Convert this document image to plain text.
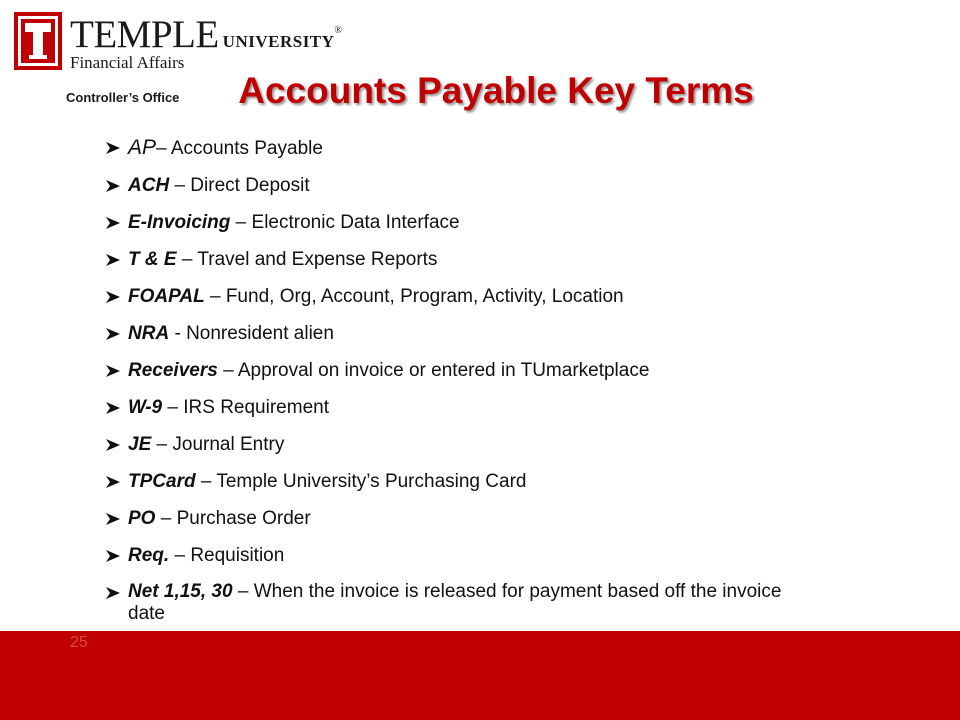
TEMPLE UNIVERSITY®
Financial Affairs
Controller’s Office	Accounts Payable Key Terms
AP– Accounts Payable
ACH – Direct Deposit
E-Invoicing – Electronic Data Interface
T & E – Travel and Expense Reports
FOAPAL – Fund, Org, Account, Program, Activity, Location
NRA - Nonresident alien
Receivers – Approval on invoice or entered in TUmarketplace
W-9 – IRS Requirement
JE – Journal Entry
TPCard – Temple University’s Purchasing Card
PO – Purchase Order
Req. – Requisition
Net 1,15, 30 – When the invoice is released for payment based off the invoice date
25
